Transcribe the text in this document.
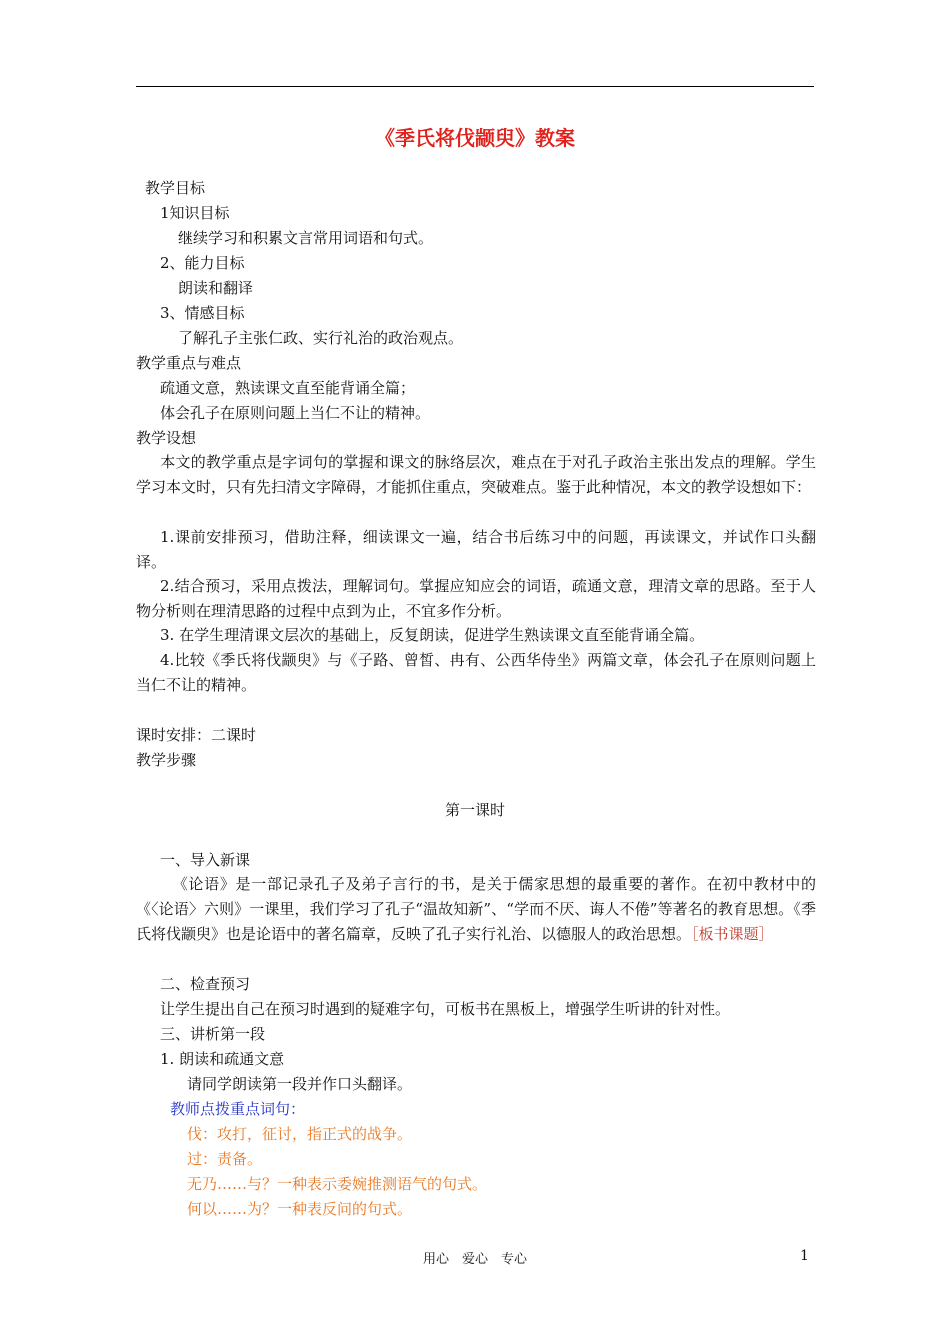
《季氏将伐颛臾》教案
教学目标
1知识目标
继续学习和积累文言常用词语和句式。
2、能力目标
朗读和翻译
3、情感目标
了解孔子主张仁政、实行礼治的政治观点。
教学重点与难点
疏通文意，熟读课文直至能背诵全篇；
体会孔子在原则问题上当仁不让的精神。
教学设想
本文的教学重点是字词句的掌握和课文的脉络层次，难点在于对孔子政治主张出发点的理解。学生学习本文时，只有先扫清文字障碍，才能抓住重点，突破难点。鉴于此种情况，本文的教学设想如下：
1.课前安排预习，借助注释，细读课文一遍，结合书后练习中的问题，再读课文，并试作口头翻译。
2.结合预习，采用点拨法，理解词句。掌握应知应会的词语，疏通文意，理清文章的思路。至于人物分析则在理清思路的过程中点到为止，不宜多作分析。
3. 在学生理清课文层次的基础上，反复朗读，促进学生熟读课文直至能背诵全篇。
4.比较《季氏将伐颛臾》与《子路、曾皙、冉有、公西华侍坐》两篇文章，体会孔子在原则问题上当仁不让的精神。
课时安排：二课时
教学步骤
第一课时
一、导入新课
《论语》是一部记录孔子及弟子言行的书，是关于儒家思想的最重要的著作。在初中教材中的《〈论语〉六则》一课里，我们学习了孔子“温故知新”、“学而不厌、诲人不倦”等著名的教育思想。《季氏将伐颛臾》也是论语中的著名篇章，反映了孔子实行礼治、以德服人的政治思想。［板书课题］
二、检查预习
让学生提出自己在预习时遇到的疑难字句，可板书在黑板上，增强学生听讲的针对性。
三、讲析第一段
1. 朗读和疏通文意
请同学朗读第一段并作口头翻译。
教师点拨重点词句：
伐：攻打，征讨，指正式的战争。
过：责备。
无乃……与？一种表示委婉推测语气的句式。
何以……为？一种表反问的句式。
用心　爱心　专心	1
